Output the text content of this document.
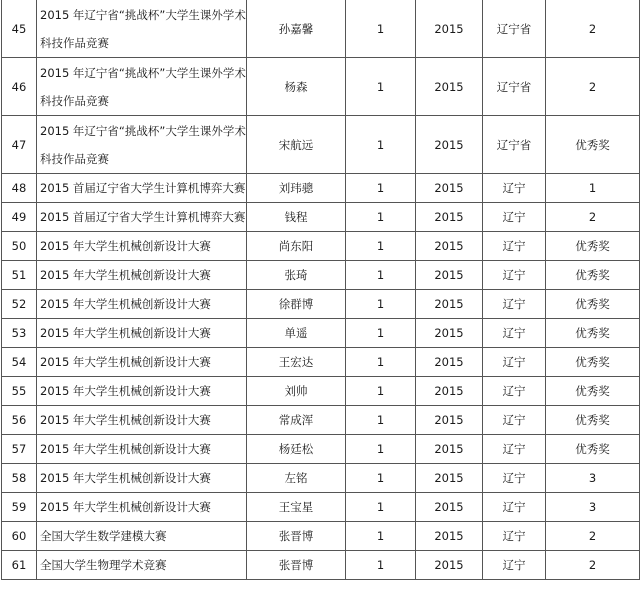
45	2015 年辽宁省“挑战杯”大学生课外学术科技作品竞赛	孙嘉馨	1	2015	辽宁省	2
46	2015 年辽宁省“挑战杯”大学生课外学术科技作品竞赛	杨森	1	2015	辽宁省	2
47	2015 年辽宁省“挑战杯”大学生课外学术科技作品竞赛	宋航远	1	2015	辽宁省	优秀奖
48	2015 首届辽宁省大学生计算机博弈大赛	刘玮骢	1	2015	辽宁	1
49	2015 首届辽宁省大学生计算机博弈大赛	钱程	1	2015	辽宁	2
50	2015 年大学生机械创新设计大赛	尚东阳	1	2015	辽宁	优秀奖
51	2015 年大学生机械创新设计大赛	张琦	1	2015	辽宁	优秀奖
52	2015 年大学生机械创新设计大赛	徐群博	1	2015	辽宁	优秀奖
53	2015 年大学生机械创新设计大赛	单遥	1	2015	辽宁	优秀奖
54	2015 年大学生机械创新设计大赛	王宏达	1	2015	辽宁	优秀奖
55	2015 年大学生机械创新设计大赛	刘帅	1	2015	辽宁	优秀奖
56	2015 年大学生机械创新设计大赛	常成浑	1	2015	辽宁	优秀奖
57	2015 年大学生机械创新设计大赛	杨廷松	1	2015	辽宁	优秀奖
58	2015 年大学生机械创新设计大赛	左铭	1	2015	辽宁	3
59	2015 年大学生机械创新设计大赛	王宝星	1	2015	辽宁	3
60	全国大学生数学建模大赛	张晋博	1	2015	辽宁	2
61	全国大学生物理学术竞赛	张晋博	1	2015	辽宁	2
